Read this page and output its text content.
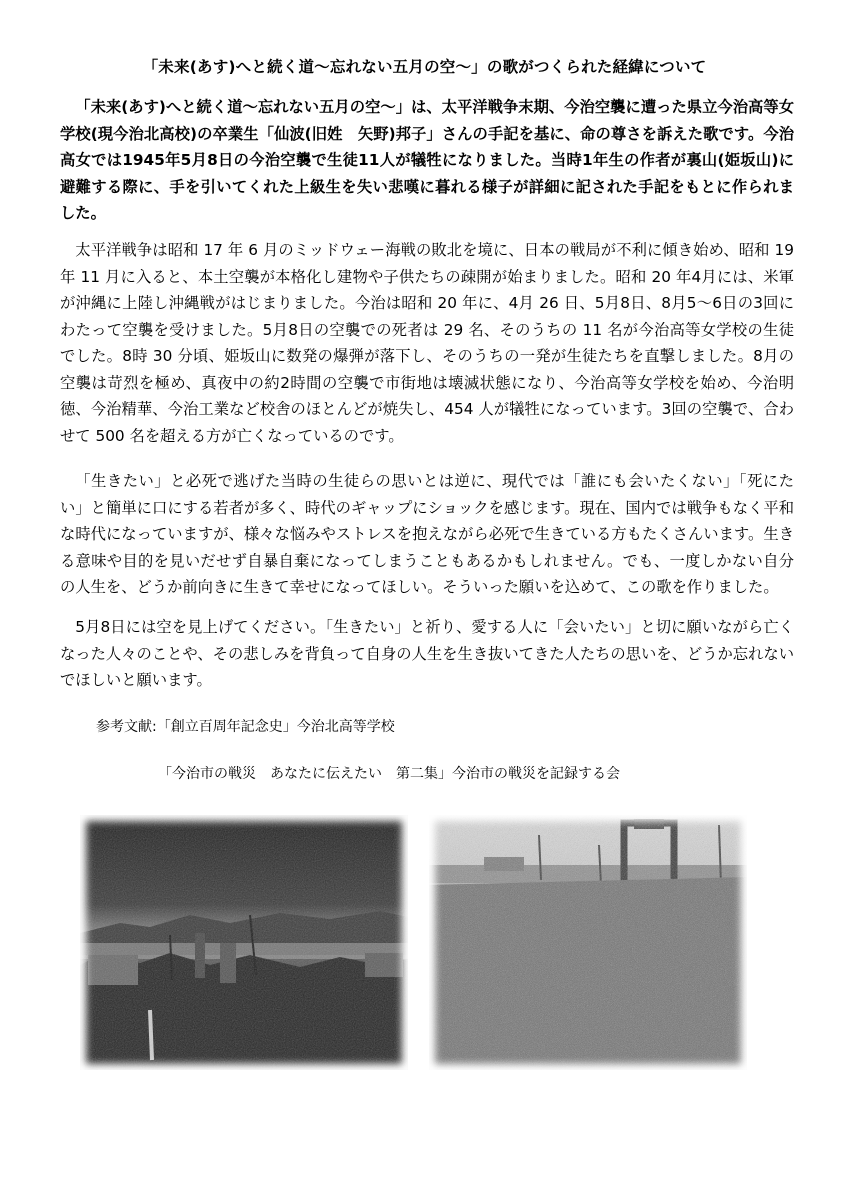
「未来(あす)へと続く道～忘れない五月の空～」の歌がつくられた経緯について

「未来(あす)へと続く道～忘れない五月の空～」は、太平洋戦争末期、今治空襲に遭った県立今治高等女学校(現今治北高校)の卒業生「仙波(旧姓　矢野)邦子」さんの手記を基に、命の尊さを訴えた歌です。今治高女では1945年5月8日の今治空襲で生徒11人が犠牲になりました。当時1年生の作者が裏山(姫坂山)に避難する際に、手を引いてくれた上級生を失い悲嘆に暮れる様子が詳細に記された手記をもとに作られました。

太平洋戦争は昭和 17 年 6 月のミッドウェー海戦の敗北を境に、日本の戦局が不利に傾き始め、昭和 19 年 11 月に入ると、本土空襲が本格化し建物や子供たちの疎開が始まりました。昭和 20 年4月には、米軍が沖縄に上陸し沖縄戦がはじまりました。今治は昭和 20 年に、4月 26 日、5月8日、8月5～6日の3回にわたって空襲を受けました。5月8日の空襲での死者は 29 名、そのうちの 11 名が今治高等女学校の生徒でした。8時 30 分頃、姫坂山に数発の爆弾が落下し、そのうちの一発が生徒たちを直撃しました。8月の空襲は苛烈を極め、真夜中の約2時間の空襲で市街地は壊滅状態になり、今治高等女学校を始め、今治明徳、今治精華、今治工業など校舎のほとんどが焼失し、454 人が犠牲になっています。3回の空襲で、合わせて 500 名を超える方が亡くなっているのです。

「生きたい」と必死で逃げた当時の生徒らの思いとは逆に、現代では「誰にも会いたくない」「死にたい」と簡単に口にする若者が多く、時代のギャップにショックを感じます。現在、国内では戦争もなく平和な時代になっていますが、様々な悩みやストレスを抱えながら必死で生きている方もたくさんいます。生きる意味や目的を見いだせず自暴自棄になってしまうこともあるかもしれません。でも、一度しかない自分の人生を、どうか前向きに生きて幸せになってほしい。そういった願いを込めて、この歌を作りました。

5月8日には空を見上げてください。「生きたい」と祈り、愛する人に「会いたい」と切に願いながら亡くなった人々のことや、その悲しみを背負って自身の人生を生き抜いてきた人たちの思いを、どうか忘れないでほしいと願います。

参考文献:「創立百周年記念史」今治北高等学校
「今治市の戦災　あなたに伝えたい　第二集」今治市の戦災を記録する会
